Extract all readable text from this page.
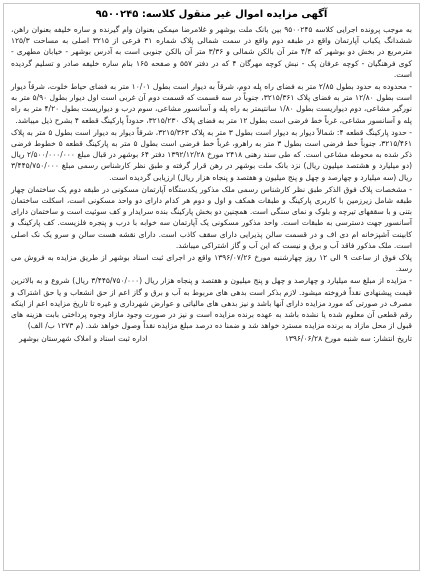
آگهی مزایده اموال غیر منقول کلاسه: ۹۵۰۰۲۴۵

به موجب پرونده اجرایی کلاسه ۹۵۰۰۲۴۵ بین بانک ملت بوشهر و غلامرضا میمکی بعنوان وام گیرنده و ساره خلیفه بعنوان راهن، ششدانگ یکباب آپارتمان واقع در طبقه دوم واقع در سمت شمالی پلاک شماره ۳۱ فرعی از ۳۲۱۵ اصلی به مساحت ۱۲۵/۳ مترمربع در بخش دو بوشهر که ۴/۴ متر آن بالکن شمالی و ۳/۳۶ متر آن بالکن جنوبی است به آدرس بوشهر - خیابان مطهری - کوی فرهنگیان - کوچه عرفان پک - نبش کوچه مهرگان ۴ که در دفتر ۵۵۷ و صفحه ۱۶۵ بنام ساره خلیفه صادر و تسلیم گردیده است.

- محدوده به حدود بطول ۲/۸۵ متر به فضای راه پله دوم، شرقاً به دیوار است بطول ۱۰/۰۱ متر به فضای حیاط خلوت، شرقاً دیوار است بطول ۱۲/۸۰ متر به فضای پلاک ۳۲۱۵/۳۶۱، جنوباً در سه قسمت که قسمت دوم آن غربی است اول دیوار بطول ۵/۹۰ متر به نورگیر مشاعی، دوم دیواریست بطول ۱/۸۰ سانتیمتر به راه پله و آسانسور مشاعی، سوم درب و دیواریست بطول ۴/۲۰ متر به راه پله و آسانسور مشاعی، غرباً خط فرضی است بطول ۱۲ متر به فضای پلاک ۳۲۱۵/۲۳۰، حدوداً پارکینگ قطعه ۴ بشرح ذیل میباشد.

- حدود پارکینگ قطعه ۴: شمالاً دیوار به دیوار است بطول ۳ متر به پلاک ۳۲۱۵/۳۶۳، شرقاً دیوار به دیوار است بطول ۵ متر به پلاک ۳۲۱۵/۴۶۱، جنوباً خط فرضی است بطول ۳ متر به راهرو، غرباً خط فرضی است بطول ۵ متر به پارکینگ قطعه ۵ خطوط فرضی ذکر شده به محوطه مشاعی است. که طی سند رهنی ۲۴۱۸ مورخ ۱۳۹۲/۱۲/۲۸ دفتر ۶۴ بوشهر در قبال مبلغ ۲/۵۰۰/۰۰۰/۰۰۰ ریال (دو میلیارد و هشتصد میلیون ریال) نزد بانک ملت بوشهر در رهن قرار گرفته و طبق نظر کارشناس رسمی مبلغ ۳/۴۴۵/۷۵۰/۰۰۰ ریال (سه میلیارد و چهارصد و چهل و پنج میلیون و هفتصد و پنجاه هزار ریال) ارزیابی گردیده است.

- مشخصات پلاک فوق الذکر طبق نظر کارشناس رسمی ملک مذکور یکدستگاه آپارتمان مسکونی در طبقه دوم یک ساختمان چهار طبقه شامل زیرزمین با کاربری پارکینگ و طبقات همکف و اول و دوم هر کدام دارای دو واحد مسکونی است، اسکلت ساختمان بتنی و با سقفهای تیرچه و بلوک و نمای سنگی است. همچنین دو بخش پارکینگ بنده سرایدار و کف سوئیت است و ساختمان دارای آسانسور جهت دسترسی به طبقات است. واحد مذکور مسکونی یک آپارتمان سه خوابه با درب و پنجره فلزیست. کف پارکینگ و کابینت آشپزخانه ام دی اف و در قسمت سالن پذیرایی دارای سقف کاذب است. دارای نقشه هست سالن و سرو یک نک اصلی است. ملک مذکور فاقد آب و برق و نیست که این آب و گاز اشتراکی میباشد.

پلاک فوق از ساعت ۹ الی ۱۲ روز چهارشنبه مورخ ۱۳۹۶/۰۷/۲۶ واقع در اجرای ثبت اسناد بوشهر از طریق مزایده به فروش می رسد.

- مزایده از مبلغ سه میلیارد و چهارصد و چهل و پنج میلیون و هفتصد و پنجاه هزار ریال (۳/۴۴۵/۷۵۰/۰۰۰ ریال) شروع و به بالاترین قیمت پیشنهادی نقداً فروخته میشود. لازم بذکر است بدهی های مربوط به آب و برق و گاز اعم از حق انشعاب و یا حق اشتراک و مصرف در صورتی که مورد مزایده دارای آنها باشد و نیز بدهی های مالیاتی و عوارض شهرداری و غیره تا تاریخ مزایده اعم از اینکه رقم قطعی آن معلوم شده یا نشده باشد به عهده برنده مزایده است و نیز در صورت وجود مازاد وجوه پرداختی بابت هزینه های قبول از محل مازاد به برنده مزایده مسترد خواهد شد و ضمنا ده درصد مبلغ مزایده نقداً وصول خواهد شد. (م ۱۲۷۳ ب/ الف)

تاریخ انتشار: سه شنبه مورخ ۱۳۹۶/۰۶/۲۸
اداره ثبت اسناد و املاک شهرستان بوشهر
